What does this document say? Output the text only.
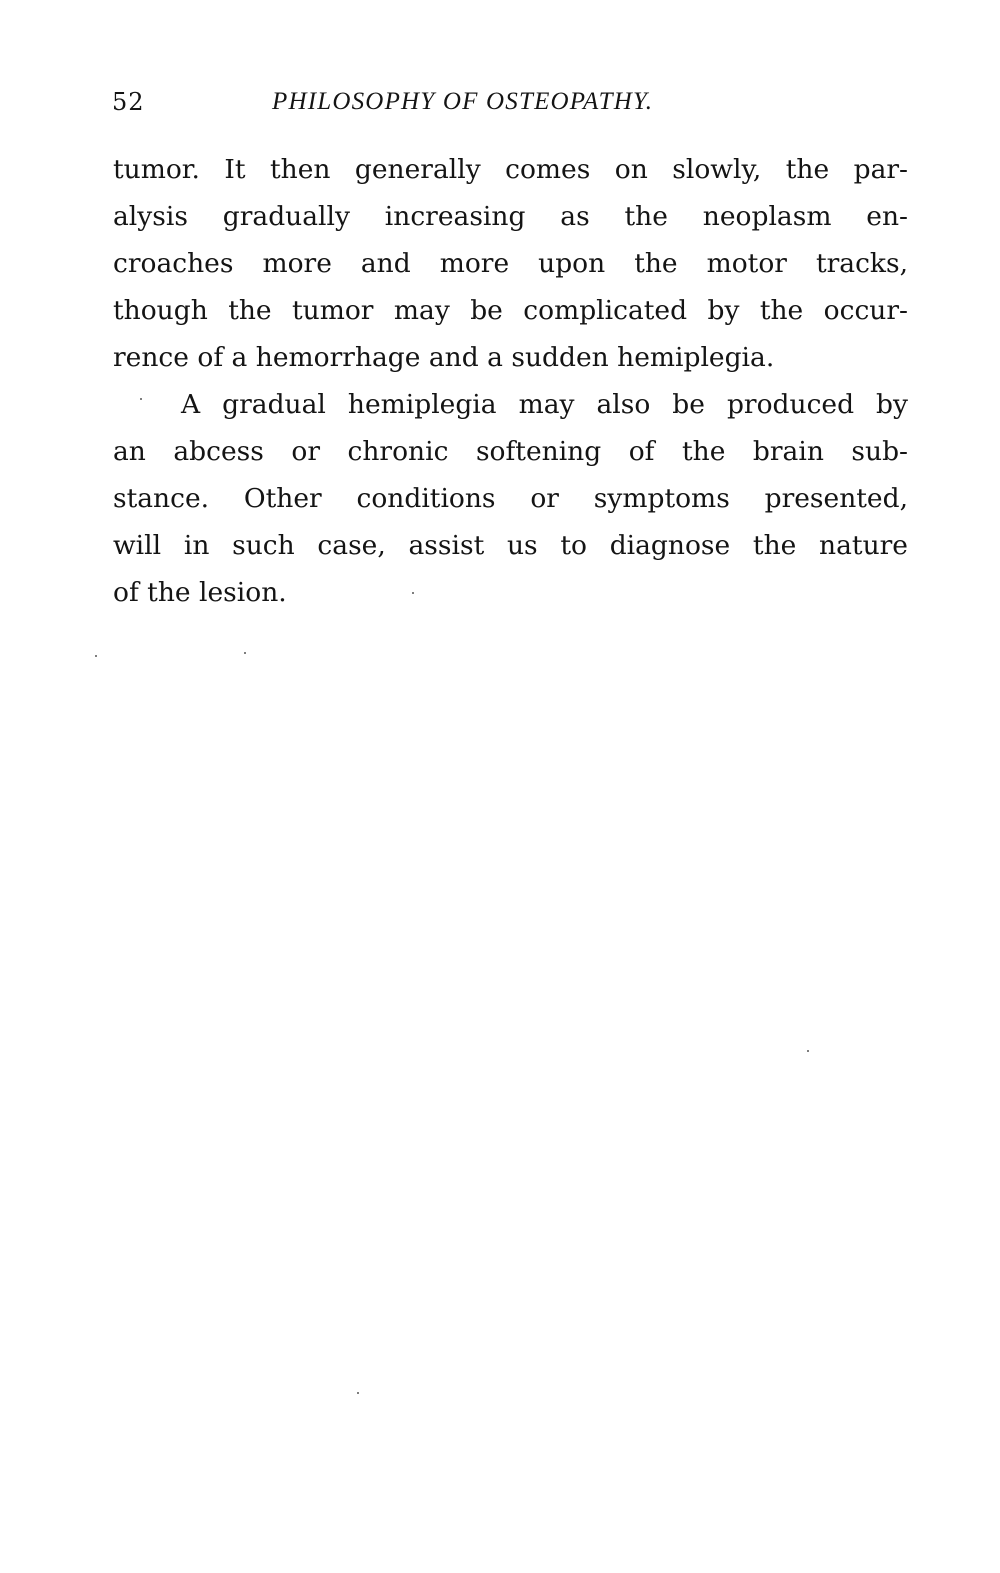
52	PHILOSOPHY OF OSTEOPATHY.
tumor. It then generally comes on slowly, the par-
alysis gradually increasing as the neoplasm en-
croaches more and more upon the motor tracks,
though the tumor may be complicated by the occur-
rence of a hemorrhage and a sudden hemiplegia.
A gradual hemiplegia may also be produced by
an abcess or chronic softening of the brain sub-
stance. Other conditions or symptoms presented,
will in such case, assist us to diagnose the nature
of the lesion.
